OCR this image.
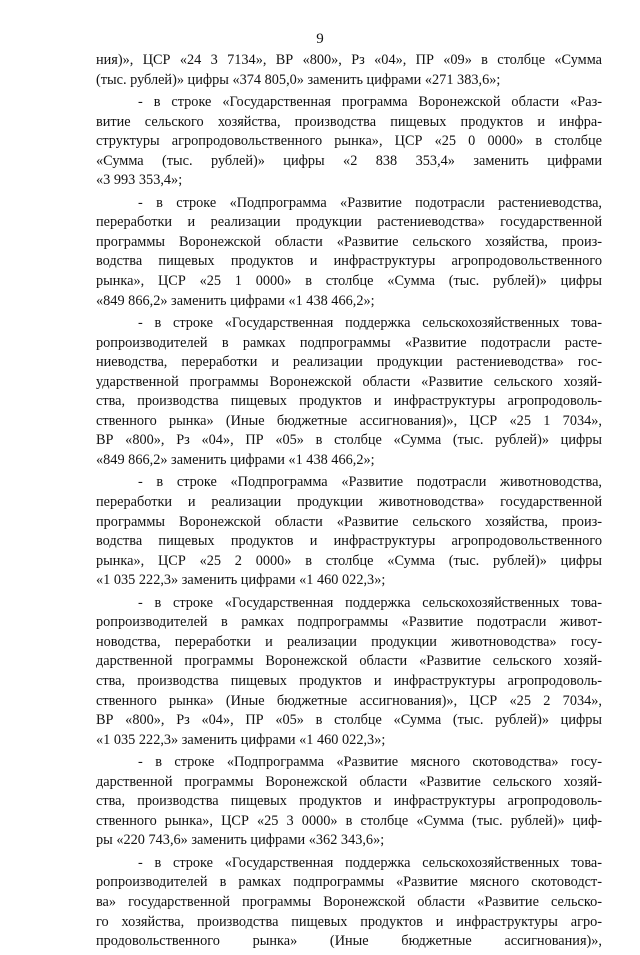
9
ния)», ЦСР «24 3 7134», ВР «800», Рз «04», ПР «09» в столбце «Сумма
(тыс. рублей)» цифры «374 805,0» заменить цифрами «271 383,6»;
- в строке «Государственная программа Воронежской области «Раз-
витие сельского хозяйства, производства пищевых продуктов и инфра-
структуры агропродовольственного рынка», ЦСР «25 0 0000» в столбце
«Сумма (тыс. рублей)» цифры «2 838 353,4» заменить цифрами
«3 993 353,4»;
- в строке «Подпрограмма «Развитие подотрасли растениеводства,
переработки и реализации продукции растениеводства» государственной
программы Воронежской области «Развитие сельского хозяйства, произ-
водства пищевых продуктов и инфраструктуры агропродовольственного
рынка», ЦСР «25 1 0000» в столбце «Сумма (тыс. рублей)» цифры
«849 866,2» заменить цифрами «1 438 466,2»;
- в строке «Государственная поддержка сельскохозяйственных това-
ропроизводителей в рамках подпрограммы «Развитие подотрасли расте-
ниеводства, переработки и реализации продукции растениеводства» гос-
ударственной программы Воронежской области «Развитие сельского хозяй-
ства, производства пищевых продуктов и инфраструктуры агропродоволь-
ственного рынка» (Иные бюджетные ассигнования)», ЦСР «25 1 7034»,
ВР «800», Рз «04», ПР «05» в столбце «Сумма (тыс. рублей)» цифры
«849 866,2» заменить цифрами «1 438 466,2»;
- в строке «Подпрограмма «Развитие подотрасли животноводства,
переработки и реализации продукции животноводства» государственной
программы Воронежской области «Развитие сельского хозяйства, произ-
водства пищевых продуктов и инфраструктуры агропродовольственного
рынка», ЦСР «25 2 0000» в столбце «Сумма (тыс. рублей)» цифры
«1 035 222,3» заменить цифрами «1 460 022,3»;
- в строке «Государственная поддержка сельскохозяйственных това-
ропроизводителей в рамках подпрограммы «Развитие подотрасли живот-
новодства, переработки и реализации продукции животноводства» госу-
дарственной программы Воронежской области «Развитие сельского хозяй-
ства, производства пищевых продуктов и инфраструктуры агропродоволь-
ственного рынка» (Иные бюджетные ассигнования)», ЦСР «25 2 7034»,
ВР «800», Рз «04», ПР «05» в столбце «Сумма (тыс. рублей)» цифры
«1 035 222,3» заменить цифрами «1 460 022,3»;
- в строке «Подпрограмма «Развитие мясного скотоводства» госу-
дарственной программы Воронежской области «Развитие сельского хозяй-
ства, производства пищевых продуктов и инфраструктуры агропродоволь-
ственного рынка», ЦСР «25 3 0000» в столбце «Сумма (тыс. рублей)» циф-
ры «220 743,6» заменить цифрами «362 343,6»;
- в строке «Государственная поддержка сельскохозяйственных това-
ропроизводителей в рамках подпрограммы «Развитие мясного скотоводст-
ва» государственной программы Воронежской области «Развитие сельско-
го хозяйства, производства пищевых продуктов и инфраструктуры агро-
продовольственного рынка» (Иные бюджетные ассигнования)»,
